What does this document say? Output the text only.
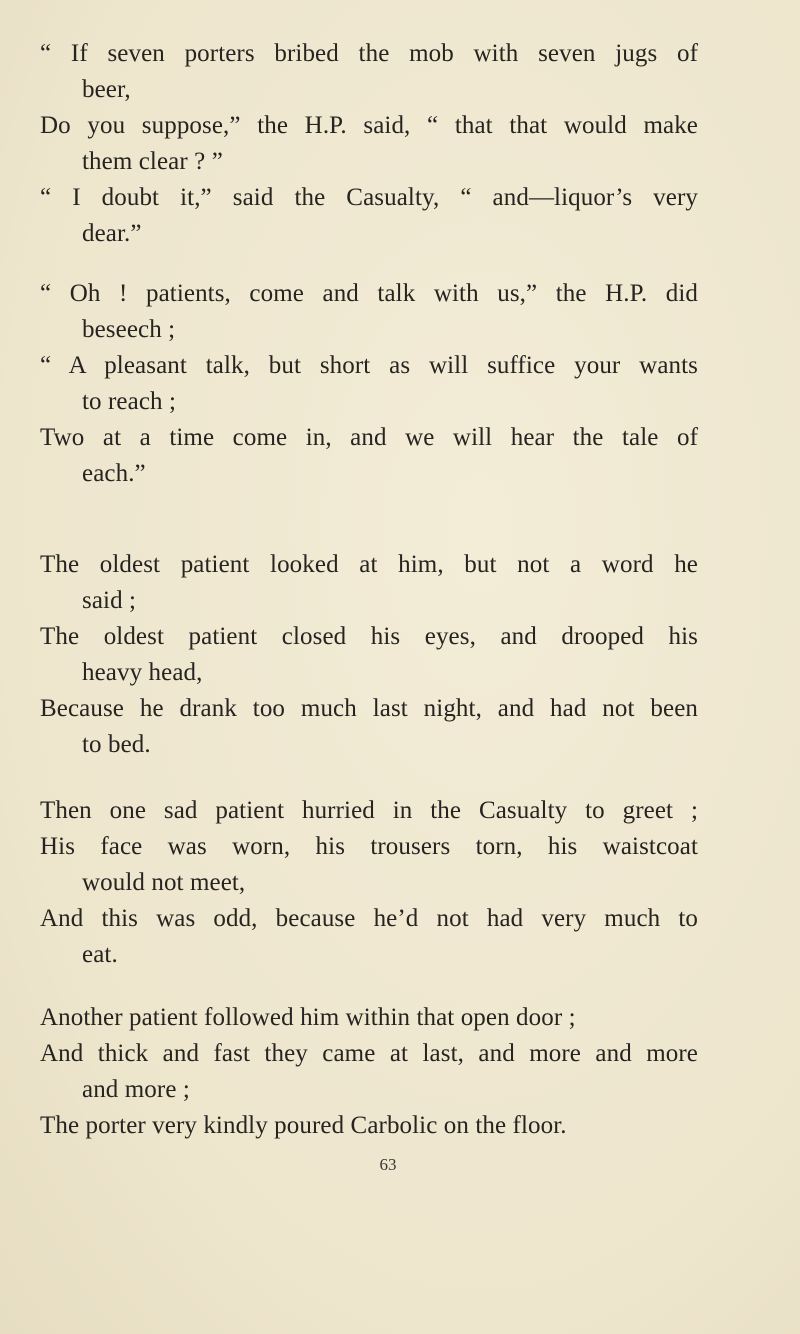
“ If seven porters bribed the mob with seven jugs of
beer,
Do you suppose,” the H.P. said, “ that that would make
them clear ? ”
“ I doubt it,” said the Casualty, “ and—liquor’s very
dear.”
“ Oh ! patients, come and talk with us,” the H.P. did
beseech ;
“ A pleasant talk, but short as will suffice your wants
to reach ;
Two at a time come in, and we will hear the tale of
each.”
The oldest patient looked at him, but not a word he
said ;
The oldest patient closed his eyes, and drooped his
heavy head,
Because he drank too much last night, and had not been
to bed.
Then one sad patient hurried in the Casualty to greet ;
His face was worn, his trousers torn, his waistcoat
would not meet,
And this was odd, because he’d not had very much to
eat.
Another patient followed him within that open door ;
And thick and fast they came at last, and more and more
and more ;
The porter very kindly poured Carbolic on the floor.
63
